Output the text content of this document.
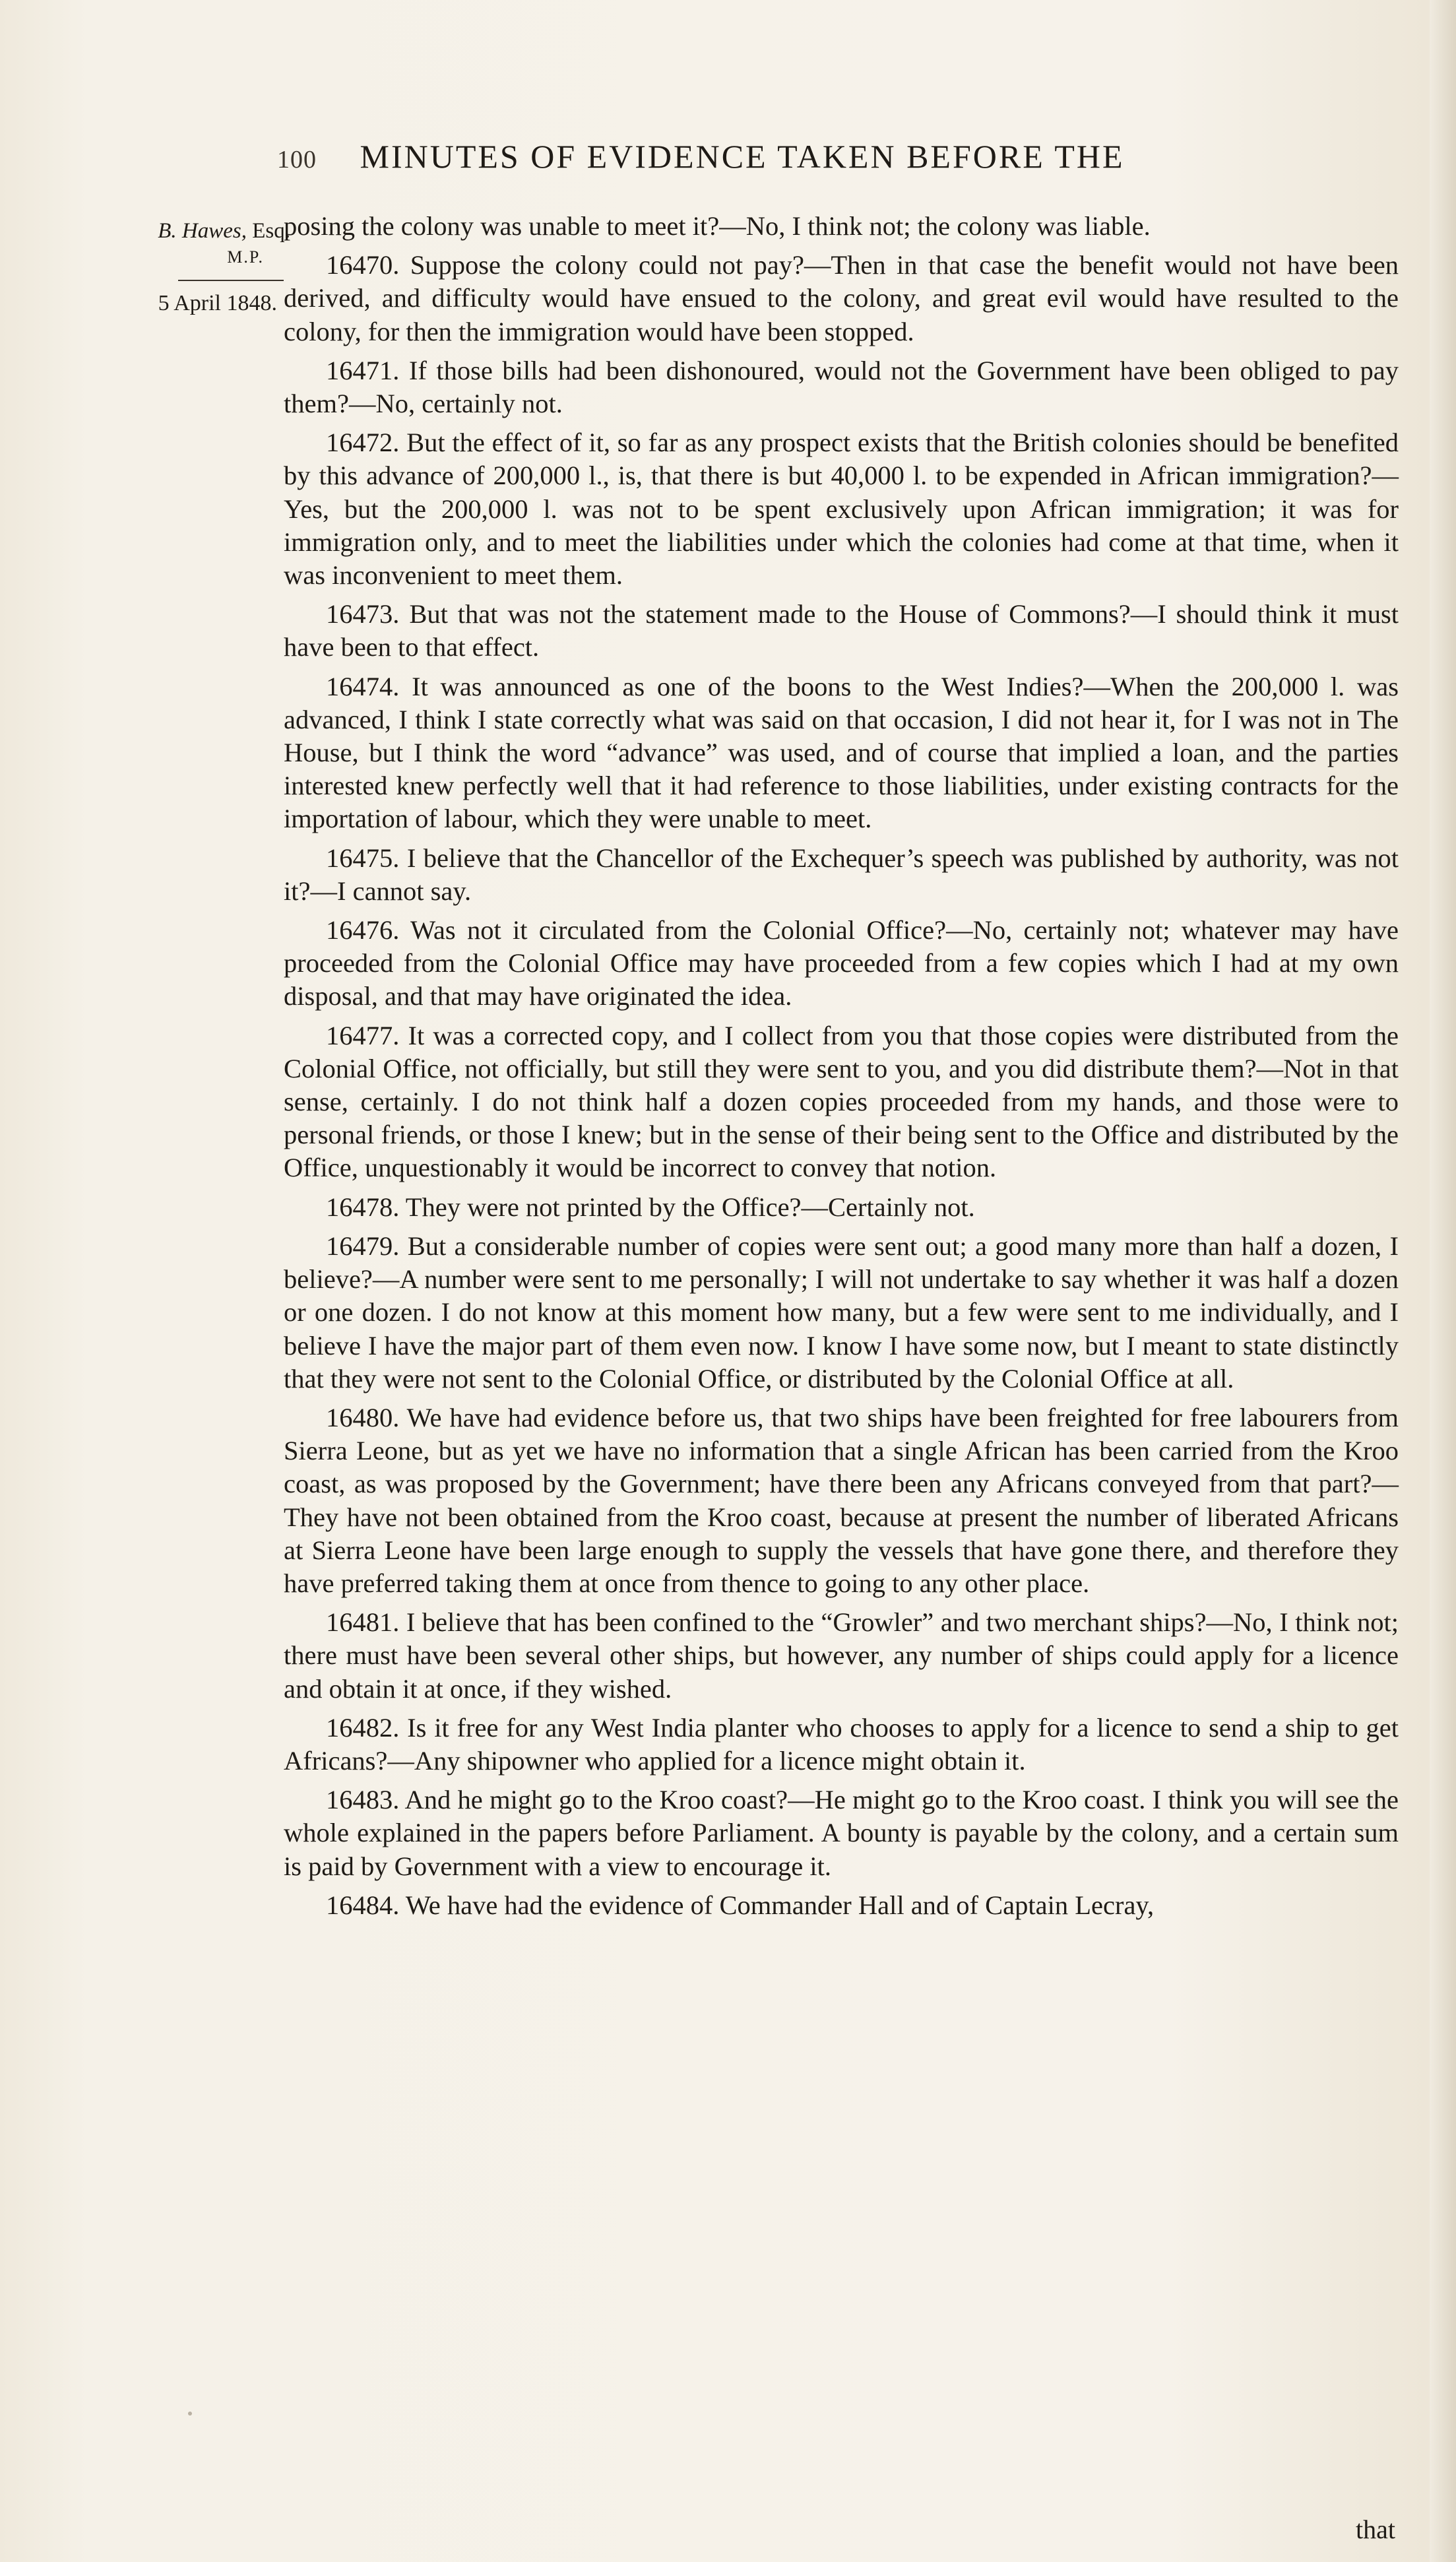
100 MINUTES OF EVIDENCE TAKEN BEFORE THE
B. Hawes, Esq.
M.P.
5 April 1848.

posing the colony was unable to meet it?—No, I think not; the colony was liable.

16470. Suppose the colony could not pay?—Then in that case the benefit would not have been derived, and difficulty would have ensued to the colony, and great evil would have resulted to the colony, for then the immigration would have been stopped.

16471. If those bills had been dishonoured, would not the Government have been obliged to pay them?—No, certainly not.

16472. But the effect of it, so far as any prospect exists that the British colonies should be benefited by this advance of 200,000 l., is, that there is but 40,000 l. to be expended in African immigration?—Yes, but the 200,000 l. was not to be spent exclusively upon African immigration; it was for immigration only, and to meet the liabilities under which the colonies had come at that time, when it was inconvenient to meet them.

16473. But that was not the statement made to the House of Commons?—I should think it must have been to that effect.

16474. It was announced as one of the boons to the West Indies?—When the 200,000 l. was advanced, I think I state correctly what was said on that occasion, I did not hear it, for I was not in The House, but I think the word “advance” was used, and of course that implied a loan, and the parties interested knew perfectly well that it had reference to those liabilities, under existing contracts for the importation of labour, which they were unable to meet.

16475. I believe that the Chancellor of the Exchequer’s speech was published by authority, was not it?—I cannot say.

16476. Was not it circulated from the Colonial Office?—No, certainly not; whatever may have proceeded from the Colonial Office may have proceeded from a few copies which I had at my own disposal, and that may have originated the idea.

16477. It was a corrected copy, and I collect from you that those copies were distributed from the Colonial Office, not officially, but still they were sent to you, and you did distribute them?—Not in that sense, certainly. I do not think half a dozen copies proceeded from my hands, and those were to personal friends, or those I knew; but in the sense of their being sent to the Office and distributed by the Office, unquestionably it would be incorrect to convey that notion.

16478. They were not printed by the Office?—Certainly not.

16479. But a considerable number of copies were sent out; a good many more than half a dozen, I believe?—A number were sent to me personally; I will not undertake to say whether it was half a dozen or one dozen. I do not know at this moment how many, but a few were sent to me individually, and I believe I have the major part of them even now. I know I have some now, but I meant to state distinctly that they were not sent to the Colonial Office, or distributed by the Colonial Office at all.

16480. We have had evidence before us, that two ships have been freighted for free labourers from Sierra Leone, but as yet we have no information that a single African has been carried from the Kroo coast, as was proposed by the Government; have there been any Africans conveyed from that part?—They have not been obtained from the Kroo coast, because at present the number of liberated Africans at Sierra Leone have been large enough to supply the vessels that have gone there, and therefore they have preferred taking them at once from thence to going to any other place.

16481. I believe that has been confined to the “Growler” and two merchant ships?—No, I think not; there must have been several other ships, but however, any number of ships could apply for a licence and obtain it at once, if they wished.

16482. Is it free for any West India planter who chooses to apply for a licence to send a ship to get Africans?—Any shipowner who applied for a licence might obtain it.

16483. And he might go to the Kroo coast?—He might go to the Kroo coast. I think you will see the whole explained in the papers before Parliament. A bounty is payable by the colony, and a certain sum is paid by Government with a view to encourage it.

16484. We have had the evidence of Commander Hall and of Captain Lecray,

that
